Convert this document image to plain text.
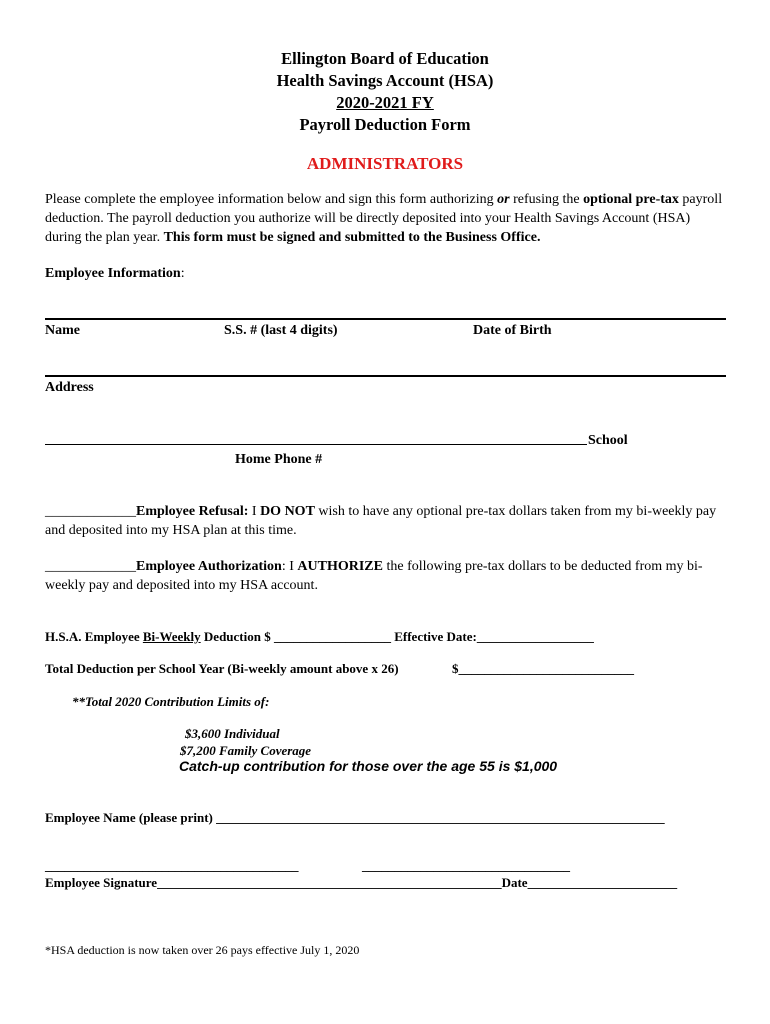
Ellington Board of Education
Health Savings Account (HSA)
2020-2021 FY
Payroll Deduction Form
ADMINISTRATORS
Please complete the employee information below and sign this form authorizing or refusing the optional pre-tax payroll deduction. The payroll deduction you authorize will be directly deposited into your Health Savings Account (HSA) during the plan year. This form must be signed and submitted to the Business Office.
Employee Information:
Name	S.S. # (last 4 digits)	Date of Birth
Address
School
Home Phone #
_____________Employee Refusal: I DO NOT wish to have any optional pre-tax dollars taken from my bi-weekly pay and deposited into my HSA plan at this time.
_____________Employee Authorization: I AUTHORIZE the following pre-tax dollars to be deducted from my bi-weekly pay and deposited into my HSA account.
H.S.A. Employee Bi-Weekly Deduction $ __________________ Effective Date:__________________
Total Deduction per School Year (Bi-weekly amount above x 26)	$___________________________
**Total 2020 Contribution Limits of:
$3,600 Individual
$7,200 Family Coverage
Catch-up contribution for those over the age 55 is $1,000
Employee Name (please print) _____________________________________________________________________
_______________________________________	________________________________
Employee Signature_____________________________________________________Date_______________________
*HSA deduction is now taken over 26 pays effective July 1, 2020
